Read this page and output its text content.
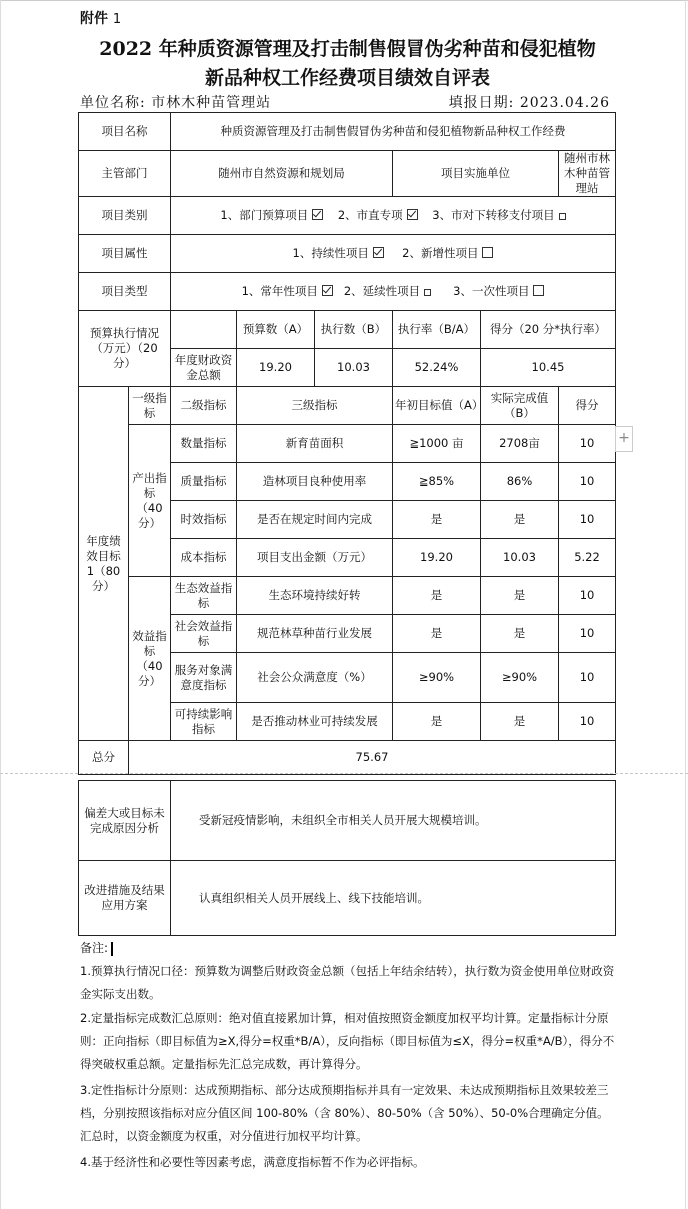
附件 1
2022 年种质资源管理及打击制售假冒伪劣种苗和侵犯植物
新品种权工作经费项目绩效自评表
单位名称: 市林木种苗管理站	填报日期: 2023.04.26
项目名称		种质资源管理及打击制售假冒伪劣种苗和侵犯植物新品种权工作经费					
主管部门		随州市自然资源和规划局			项目实施单位		随州市林木种苗管理站
项目类别		1、部门预算项目 2、市直专项 3、市对下转移支付项目					
项目属性		1、持续性项目 2、新增性项目					
项目类型		1、常年性项目 2、延续性项目 3、一次性项目					
预算执行情况（万元）（20 分）			预算数（A）	执行数（B）	执行率（B/A）	得分（20 分*执行率）	
		年度财政资金总额	19.20	10.03	52.24%	10.45	
年度绩效目标 1（80 分）	一级指标	二级指标	三级指标		年初目标值（A）	实际完成值（B）	得分
	产出指标（40 分）	数量指标	新育苗面积		≧1000 亩	2708亩	10
		质量指标	造林项目良种使用率		≧85%	86%	10
		时效指标	是否在规定时间内完成		是	是	10
		成本指标	项目支出金额（万元）		19.20	10.03	5.22
	效益指标（40 分）	生态效益指标	生态环境持续好转		是	是	10
		社会效益指标	规范林草种苗行业发展		是	是	10
		服务对象满意度指标	社会公众满意度（%）		≥90%	≥90%	10
		可持续影响指标	是否推动林业可持续发展		是	是	10
总分	75.67						
+
偏差大或目标未完成原因分析	受新冠疫情影响，未组织全市相关人员开展大规模培训。
改进措施及结果应用方案	认真组织相关人员开展线上、线下技能培训。
备注:
1.预算执行情况口径：预算数为调整后财政资金总额（包括上年结余结转），执行数为资金使用单位财政资金实际支出数。
2.定量指标完成数汇总原则：绝对值直接累加计算，相对值按照资金额度加权平均计算。定量指标计分原则：正向指标（即目标值为≥X,得分=权重*B/A），反向指标（即目标值为≤X，得分=权重*A/B），得分不得突破权重总额。定量指标先汇总完成数，再计算得分。
3.定性指标计分原则：达成预期指标、部分达成预期指标并具有一定效果、未达成预期指标且效果较差三档，分别按照该指标对应分值区间 100-80%（含 80%）、80-50%（含 50%）、50-0%合理确定分值。汇总时，以资金额度为权重，对分值进行加权平均计算。
4.基于经济性和必要性等因素考虑，满意度指标暂不作为必评指标。
